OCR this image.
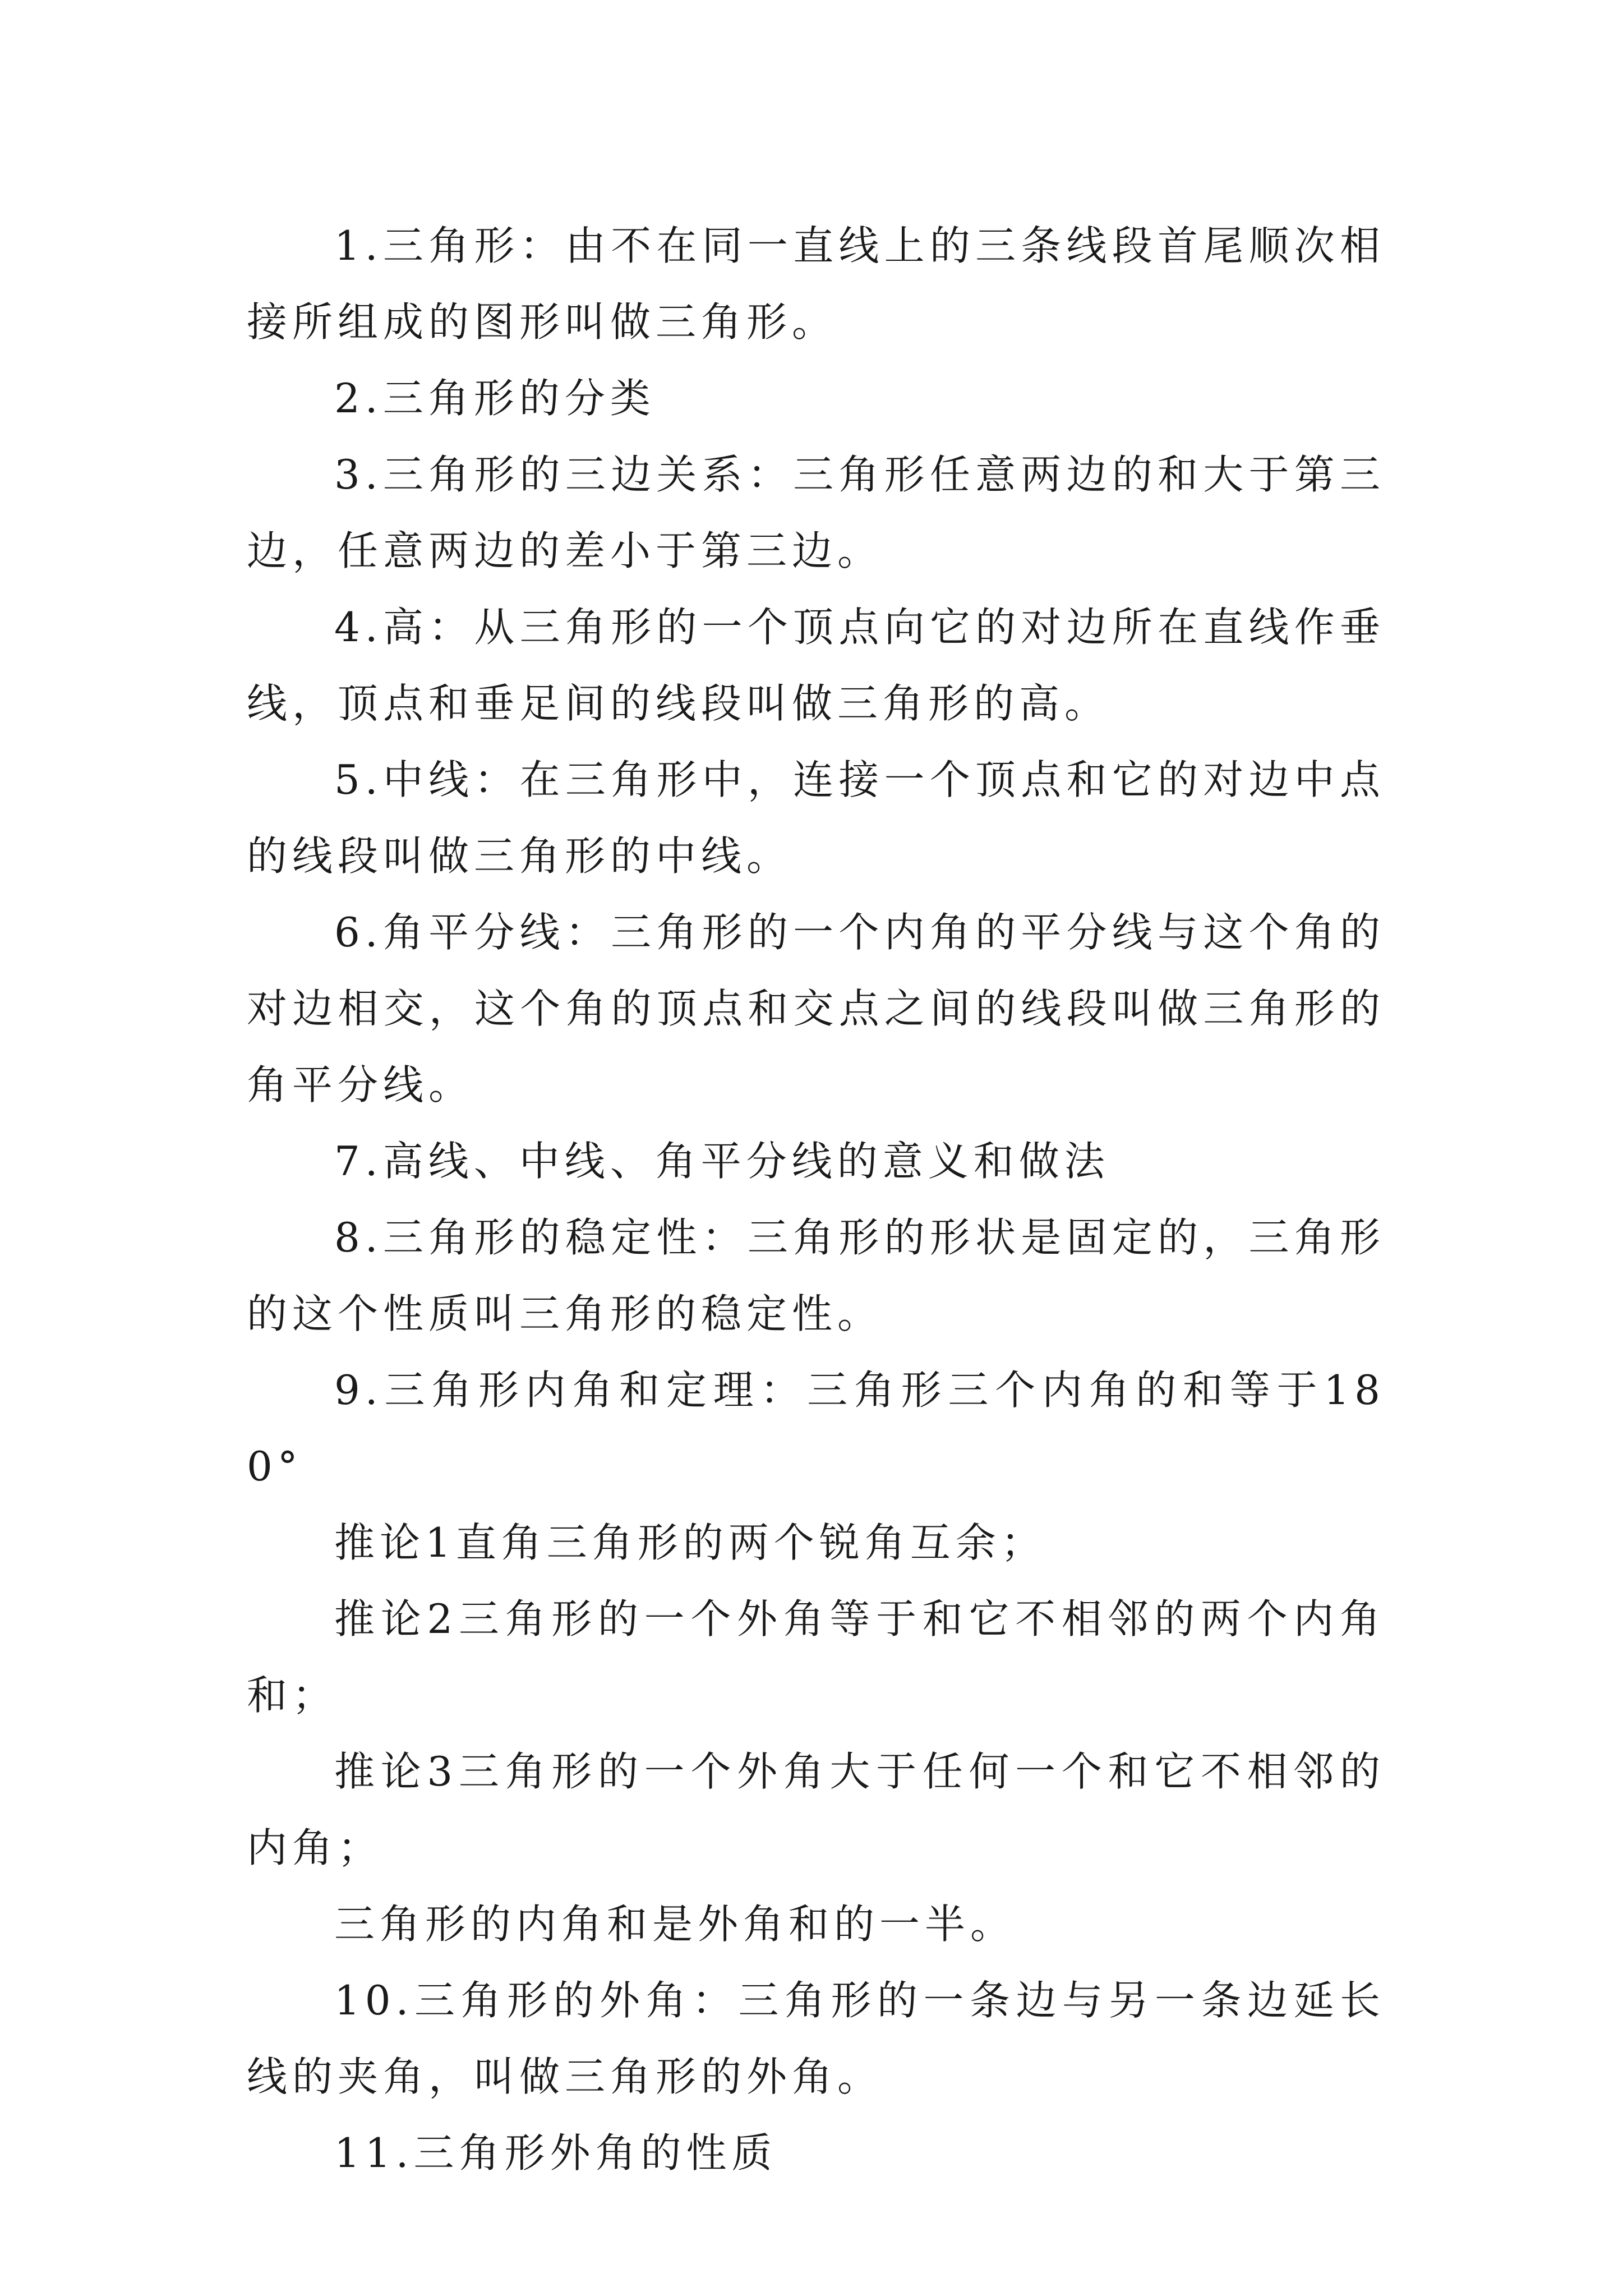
1.三角形：由不在同一直线上的三条线段首尾顺次相接所组成的图形叫做三角形。

2.三角形的分类

3.三角形的三边关系：三角形任意两边的和大于第三边，任意两边的差小于第三边。

4.高：从三角形的一个顶点向它的对边所在直线作垂线，顶点和垂足间的线段叫做三角形的高。

5.中线：在三角形中，连接一个顶点和它的对边中点的线段叫做三角形的中线。

6.角平分线：三角形的一个内角的平分线与这个角的对边相交，这个角的顶点和交点之间的线段叫做三角形的角平分线。

7.高线、中线、角平分线的意义和做法

8.三角形的稳定性：三角形的形状是固定的，三角形的这个性质叫三角形的稳定性。

9.三角形内角和定理：三角形三个内角的和等于180°

推论1直角三角形的两个锐角互余；

推论2三角形的一个外角等于和它不相邻的两个内角和；

推论3三角形的一个外角大于任何一个和它不相邻的内角；

三角形的内角和是外角和的一半。

10.三角形的外角：三角形的一条边与另一条边延长线的夹角，叫做三角形的外角。

11.三角形外角的性质
